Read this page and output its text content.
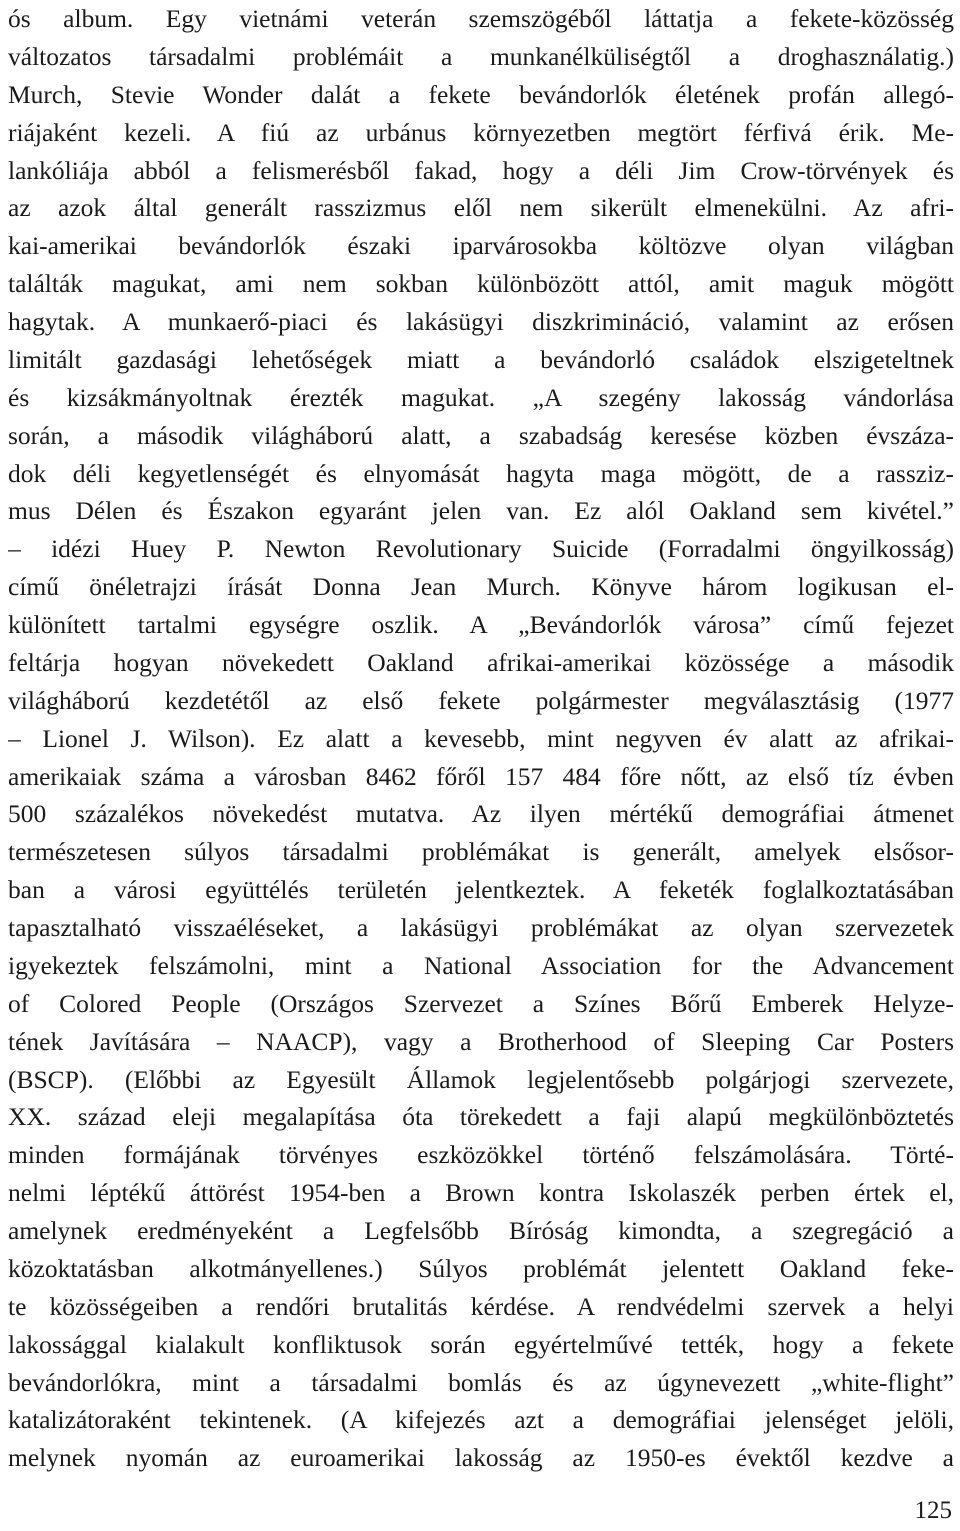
ós album. Egy vietnámi veterán szemszögéből láttatja a fekete-közösség
változatos társadalmi problémáit a munkanélküliségtől a droghasználatig.)
Murch, Stevie Wonder dalát a fekete bevándorlók életének profán allegó-
riájaként kezeli. A fiú az urbánus környezetben megtört férfivá érik. Me-
lankóliája abból a felismerésből fakad, hogy a déli Jim Crow-törvények és
az azok által generált rasszizmus elől nem sikerült elmenekülni. Az afri-
kai-amerikai bevándorlók északi iparvárosokba költözve olyan világban
találták magukat, ami nem sokban különbözött attól, amit maguk mögött
hagytak. A munkaerő-piaci és lakásügyi diszkrimináció, valamint az erősen
limitált gazdasági lehetőségek miatt a bevándorló családok elszigeteltnek
és kizsákmányoltnak érezték magukat. „A szegény lakosság vándorlása
során, a második világháború alatt, a szabadság keresése közben évszáza-
dok déli kegyetlenségét és elnyomását hagyta maga mögött, de a rassziz-
mus Délen és Északon egyaránt jelen van. Ez alól Oakland sem kivétel.”
– idézi Huey P. Newton Revolutionary Suicide (Forradalmi öngyilkosság)
című önéletrajzi írását Donna Jean Murch. Könyve három logikusan el-
különített tartalmi egységre oszlik. A „Bevándorlók városa” című fejezet
feltárja hogyan növekedett Oakland afrikai-amerikai közössége a második
világháború kezdetétől az első fekete polgármester megválasztásig (1977
– Lionel J. Wilson). Ez alatt a kevesebb, mint negyven év alatt az afrikai-
amerikaiak száma a városban 8462 főről 157 484 főre nőtt, az első tíz évben
500 százalékos növekedést mutatva. Az ilyen mértékű demográfiai átmenet
természetesen súlyos társadalmi problémákat is generált, amelyek elsősor-
ban a városi együttélés területén jelentkeztek. A feketék foglalkoztatásában
tapasztalható visszaéléseket, a lakásügyi problémákat az olyan szervezetek
igyekeztek felszámolni, mint a National Association for the Advancement
of Colored People (Országos Szervezet a Színes Bőrű Emberek Helyze-
tének Javítására – NAACP), vagy a Brotherhood of Sleeping Car Posters
(BSCP). (Előbbi az Egyesült Államok legjelentősebb polgárjogi szervezete,
XX. század eleji megalapítása óta törekedett a faji alapú megkülönböztetés
minden formájának törvényes eszközökkel történő felszámolására. Törté-
nelmi léptékű áttörést 1954-ben a Brown kontra Iskolaszék perben értek el,
amelynek eredményeként a Legfelsőbb Bíróság kimondta, a szegregáció a
közoktatásban alkotmányellenes.) Súlyos problémát jelentett Oakland feke-
te közösségeiben a rendőri brutalitás kérdése. A rendvédelmi szervek a helyi
lakossággal kialakult konfliktusok során egyértelművé tették, hogy a fekete
bevándorlókra, mint a társadalmi bomlás és az úgynevezett „white-flight”
katalizátoraként tekintenek. (A kifejezés azt a demográfiai jelenséget jelöli,
melynek nyomán az euroamerikai lakosság az 1950-es évektől kezdve a
125
